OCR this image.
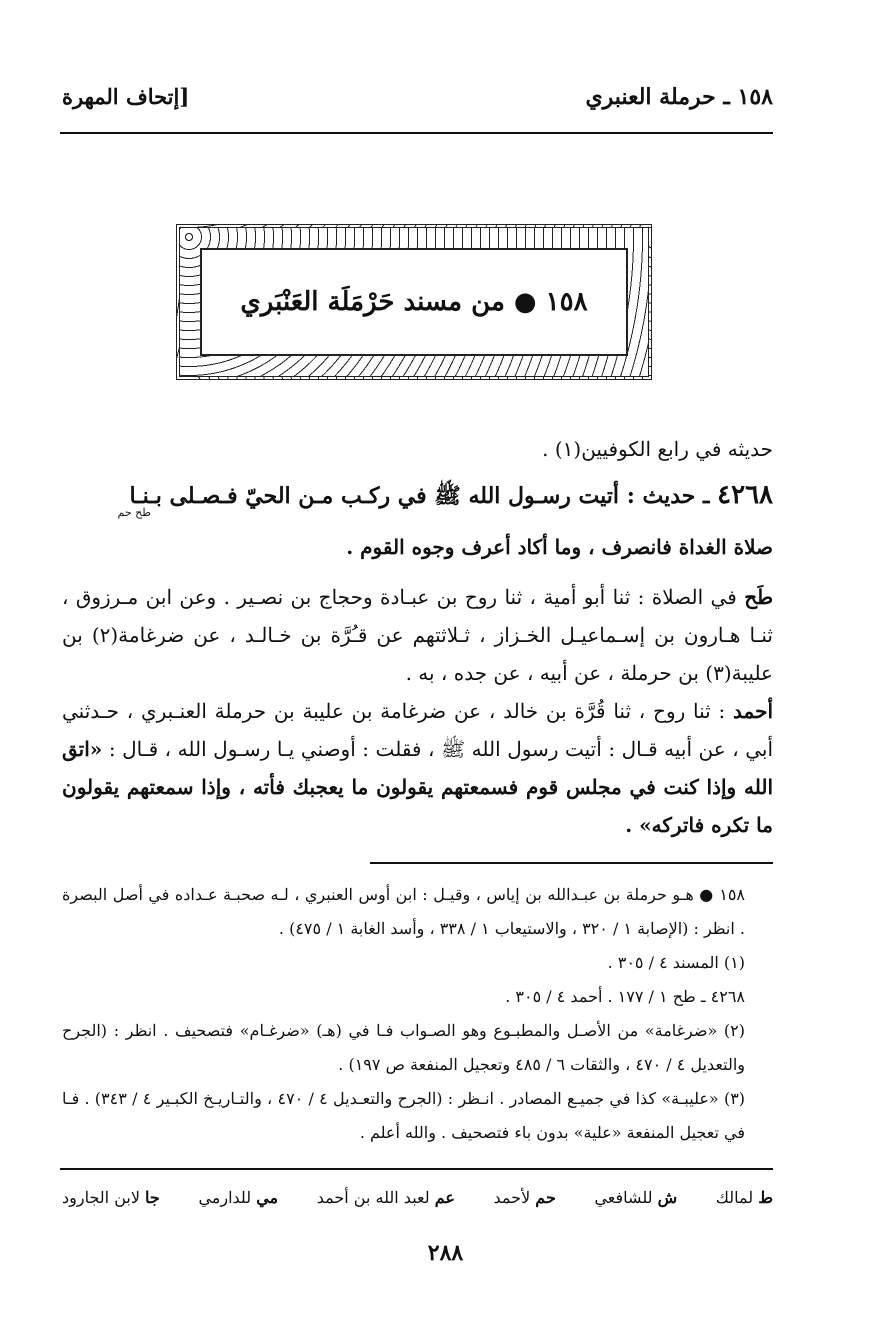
١٥٨ ـ حرملة العنبري
[إتحاف المهرة
١٥٨ ● من مسند حَرْمَلَة العَنْبَري
حديثه في رابع الكوفيين(١) .
٤٢٦٨ ـ حديث : أتيت رسـول الله ﷺ في ركـب مـن الحيّ فـصـلى بـنـا
طح حم
صلاة الغداة فانصرف ، وما أكاد أعرف وجوه القوم .
طَح في الصلاة : ثنا أبو أمية ، ثنا روح بن عبـادة وحجاج بن نصـير . وعن ابن مـرزوق ، ثنـا هـارون بن إسـماعيـل الخـزاز ، ثـلاثتهم عن قـُرَّة بن خـالـد ، عن ضرغامة(٢) بن عليبة(٣) بن حرملة ، عن أبيه ، عن جده ، به .
أحمد : ثنا روح ، ثنا قُرَّة بن خالد ، عن ضرغامة بن عليبة بن حرملة العنـبري ، حـدثني أبي ، عن أبيه قـال : أتيت رسول الله ﷺ ، فقلت : أوصني يـا رسـول الله ، قـال : «اتق الله وإذا كنت في مجلس قوم فسمعتهم يقولون ما يعجبك فأته ، وإذا سمعتهم يقولون ما تكره فاتركه» .

١٥٨ ● هـو حرملة بن عبـدالله بن إياس ، وقيـل : ابن أوس العنبري ، لـه صحبـة عـداده في أصل البصرة . انظر : (الإصابة ١ / ٣٢٠ ، والاستيعاب ١ / ٣٣٨ ، وأسد الغابة ١ / ٤٧٥) .

(١) المسند ٤ / ٣٠٥ .

٤٢٦٨ ـ طح ١ / ١٧٧ . أحمد ٤ / ٣٠٥ .

(٢) «ضرغامة» من الأصـل والمطبـوع وهو الصـواب فـا في (هـ) «ضرغـام» فتصحيف . انظر : (الجرح والتعديل ٤ / ٤٧٠ ، والثقات ٦ / ٤٨٥ وتعجيل المنفعة ص ١٩٧) .

(٣) «عليبـة» كذا في جميـع المصادر . انـظر : (الجرح والتعـديل ٤ / ٤٧٠ ، والتـاريـخ الكبـير ٤ / ٣٤٣) . فـا في تعجيل المنفعة «علية» بدون باء فتصحيف . والله أعلم .

ط لمالك
ش للشافعي
حم لأحمد
عم لعبد الله بن أحمد
مي للدارمي
جا لابن الجارود
٢٨٨
